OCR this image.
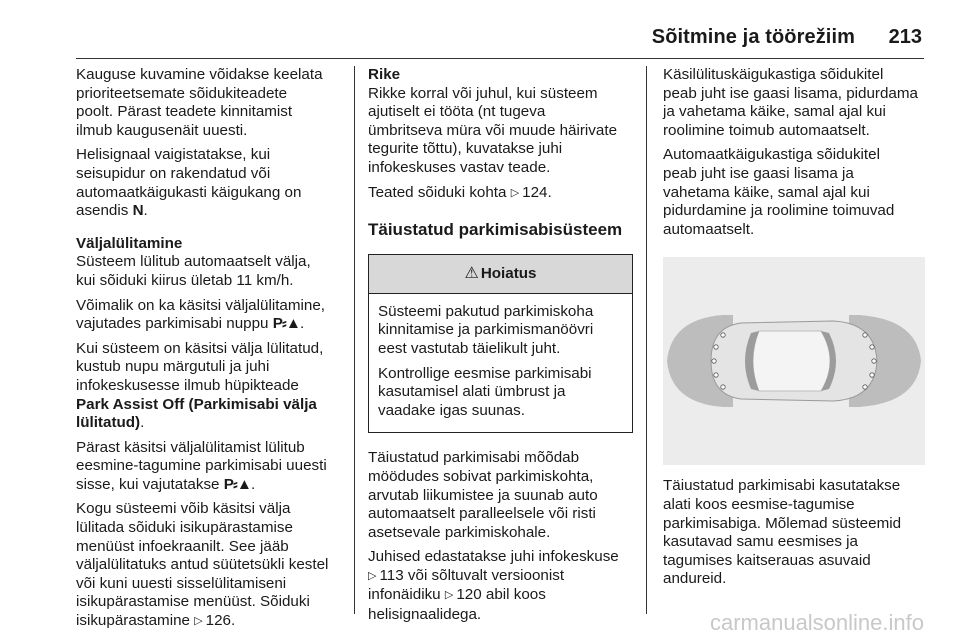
Sõitmine ja töörežiim 213

Kauguse kuvamine võidakse keelata
prioriteetsemate sõidukiteadete
poolt. Pärast teadete kinnitamist
ilmub kaugusenäit uuesti.

Helisignaal vaigistatakse, kui
seisupidur on rakendatud või
automaatkäigukasti käigukang on
asendis N.

Väljalülitamine

Süsteem lülitub automaatselt välja,
kui sõiduki kiirus ületab 11 km/h.

Võimalik on ka käsitsi väljalülitamine,
vajutades parkimisabi nuppu P⸗▲.

Kui süsteem on käsitsi välja lülitatud,
kustub nupu märgutuli ja juhi
infokeskusesse ilmub hüpikteade
Park Assist Off (Parkimisabi välja
lülitatud).

Pärast käsitsi väljalülitamist lülitub
eesmine-tagumine parkimisabi uuesti
sisse, kui vajutatakse P⸗▲.

Kogu süsteemi võib käsitsi välja
lülitada sõiduki isikupärastamise
menüüst infoekraanilt. See jääb
väljalülitatuks antud süütetsükli kestel
või kuni uuesti sisselülitamiseni
isikupärastamise menüüst. Sõiduki
isikupärastamine ▷ 126.

Rike

Rikke korral või juhul, kui süsteem
ajutiselt ei tööta (nt tugeva
ümbritseva müra või muude häirivate
tegurite tõttu), kuvatakse juhi
infokeskuses vastav teade.

Teated sõiduki kohta ▷ 124.

Täiustatud parkimisabisüsteem
⚠ Hoiatus

Süsteemi pakutud parkimiskoha
kinnitamise ja parkimismanöövri
eest vastutab täielikult juht.

Kontrollige eesmise parkimisabi
kasutamisel alati ümbrust ja
vaadake igas suunas.

Täiustatud parkimisabi mõõdab
möödudes sobivat parkimiskohta,
arvutab liikumistee ja suunab auto
automaatselt paralleelsele või risti
asetsevale parkimiskohale.

Juhised edastatakse juhi infokeskuse
▷ 113 või sõltuvalt versioonist
infonäidiku ▷ 120 abil koos
helisignaalidega.

Käsilülituskäigukastiga sõidukitel
peab juht ise gaasi lisama, pidurdama
ja vahetama käike, samal ajal kui
roolimine toimub automaatselt.

Automaatkäigukastiga sõidukitel
peab juht ise gaasi lisama ja
vahetama käike, samal ajal kui
pidurdamine ja roolimine toimuvad
automaatselt.

Täiustatud parkimisabi kasutatakse
alati koos eesmise-tagumise
parkimisabiga. Mõlemad süsteemid
kasutavad samu eesmises ja
tagumises kaitserauas asuvaid
andureid.

carmanualsonline.info
